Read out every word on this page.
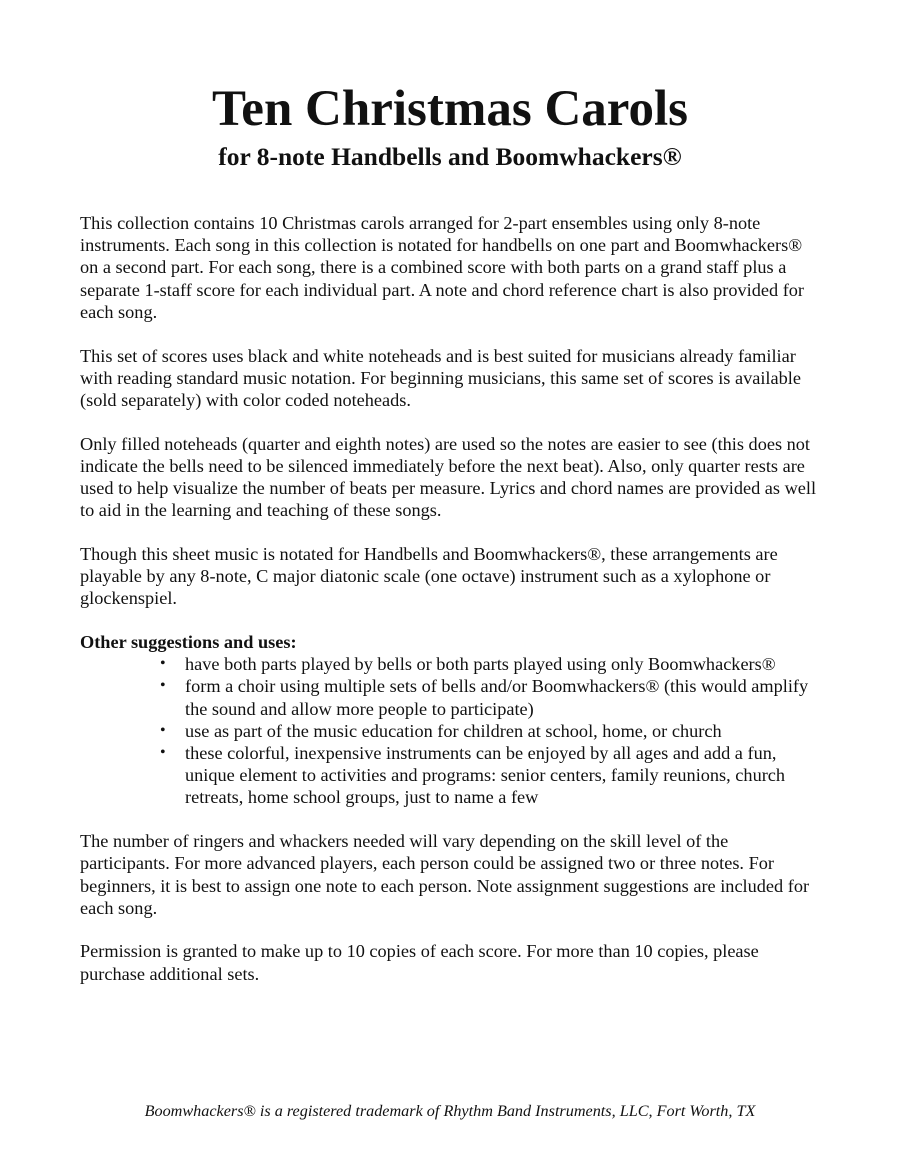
Ten Christmas Carols
for 8-note Handbells and Boomwhackers®

This collection contains 10 Christmas carols arranged for 2-part ensembles using only 8-note instruments. Each song in this collection is notated for handbells on one part and Boomwhackers® on a second part. For each song, there is a combined score with both parts on a grand staff plus a separate 1-staff score for each individual part. A note and chord reference chart is also provided for each song.

This set of scores uses black and white noteheads and is best suited for musicians already familiar with reading standard music notation. For beginning musicians, this same set of scores is available (sold separately) with color coded noteheads.

Only filled noteheads (quarter and eighth notes) are used so the notes are easier to see (this does not indicate the bells need to be silenced immediately before the next beat). Also, only quarter rests are used to help visualize the number of beats per measure. Lyrics and chord names are provided as well to aid in the learning and teaching of these songs.

Though this sheet music is notated for Handbells and Boomwhackers®, these arrangements are playable by any 8-note, C major diatonic scale (one octave) instrument such as a xylophone or glockenspiel.

Other suggestions and uses:

• have both parts played by bells or both parts played using only Boomwhackers®
• form a choir using multiple sets of bells and/or Boomwhackers® (this would amplify the sound and allow more people to participate)
• use as part of the music education for children at school, home, or church
• these colorful, inexpensive instruments can be enjoyed by all ages and add a fun, unique element to activities and programs: senior centers, family reunions, church retreats, home school groups, just to name a few

The number of ringers and whackers needed will vary depending on the skill level of the participants. For more advanced players, each person could be assigned two or three notes. For beginners, it is best to assign one note to each person. Note assignment suggestions are included for each song.

Permission is granted to make up to 10 copies of each score. For more than 10 copies, please purchase additional sets.

Boomwhackers® is a registered trademark of Rhythm Band Instruments, LLC, Fort Worth, TX
